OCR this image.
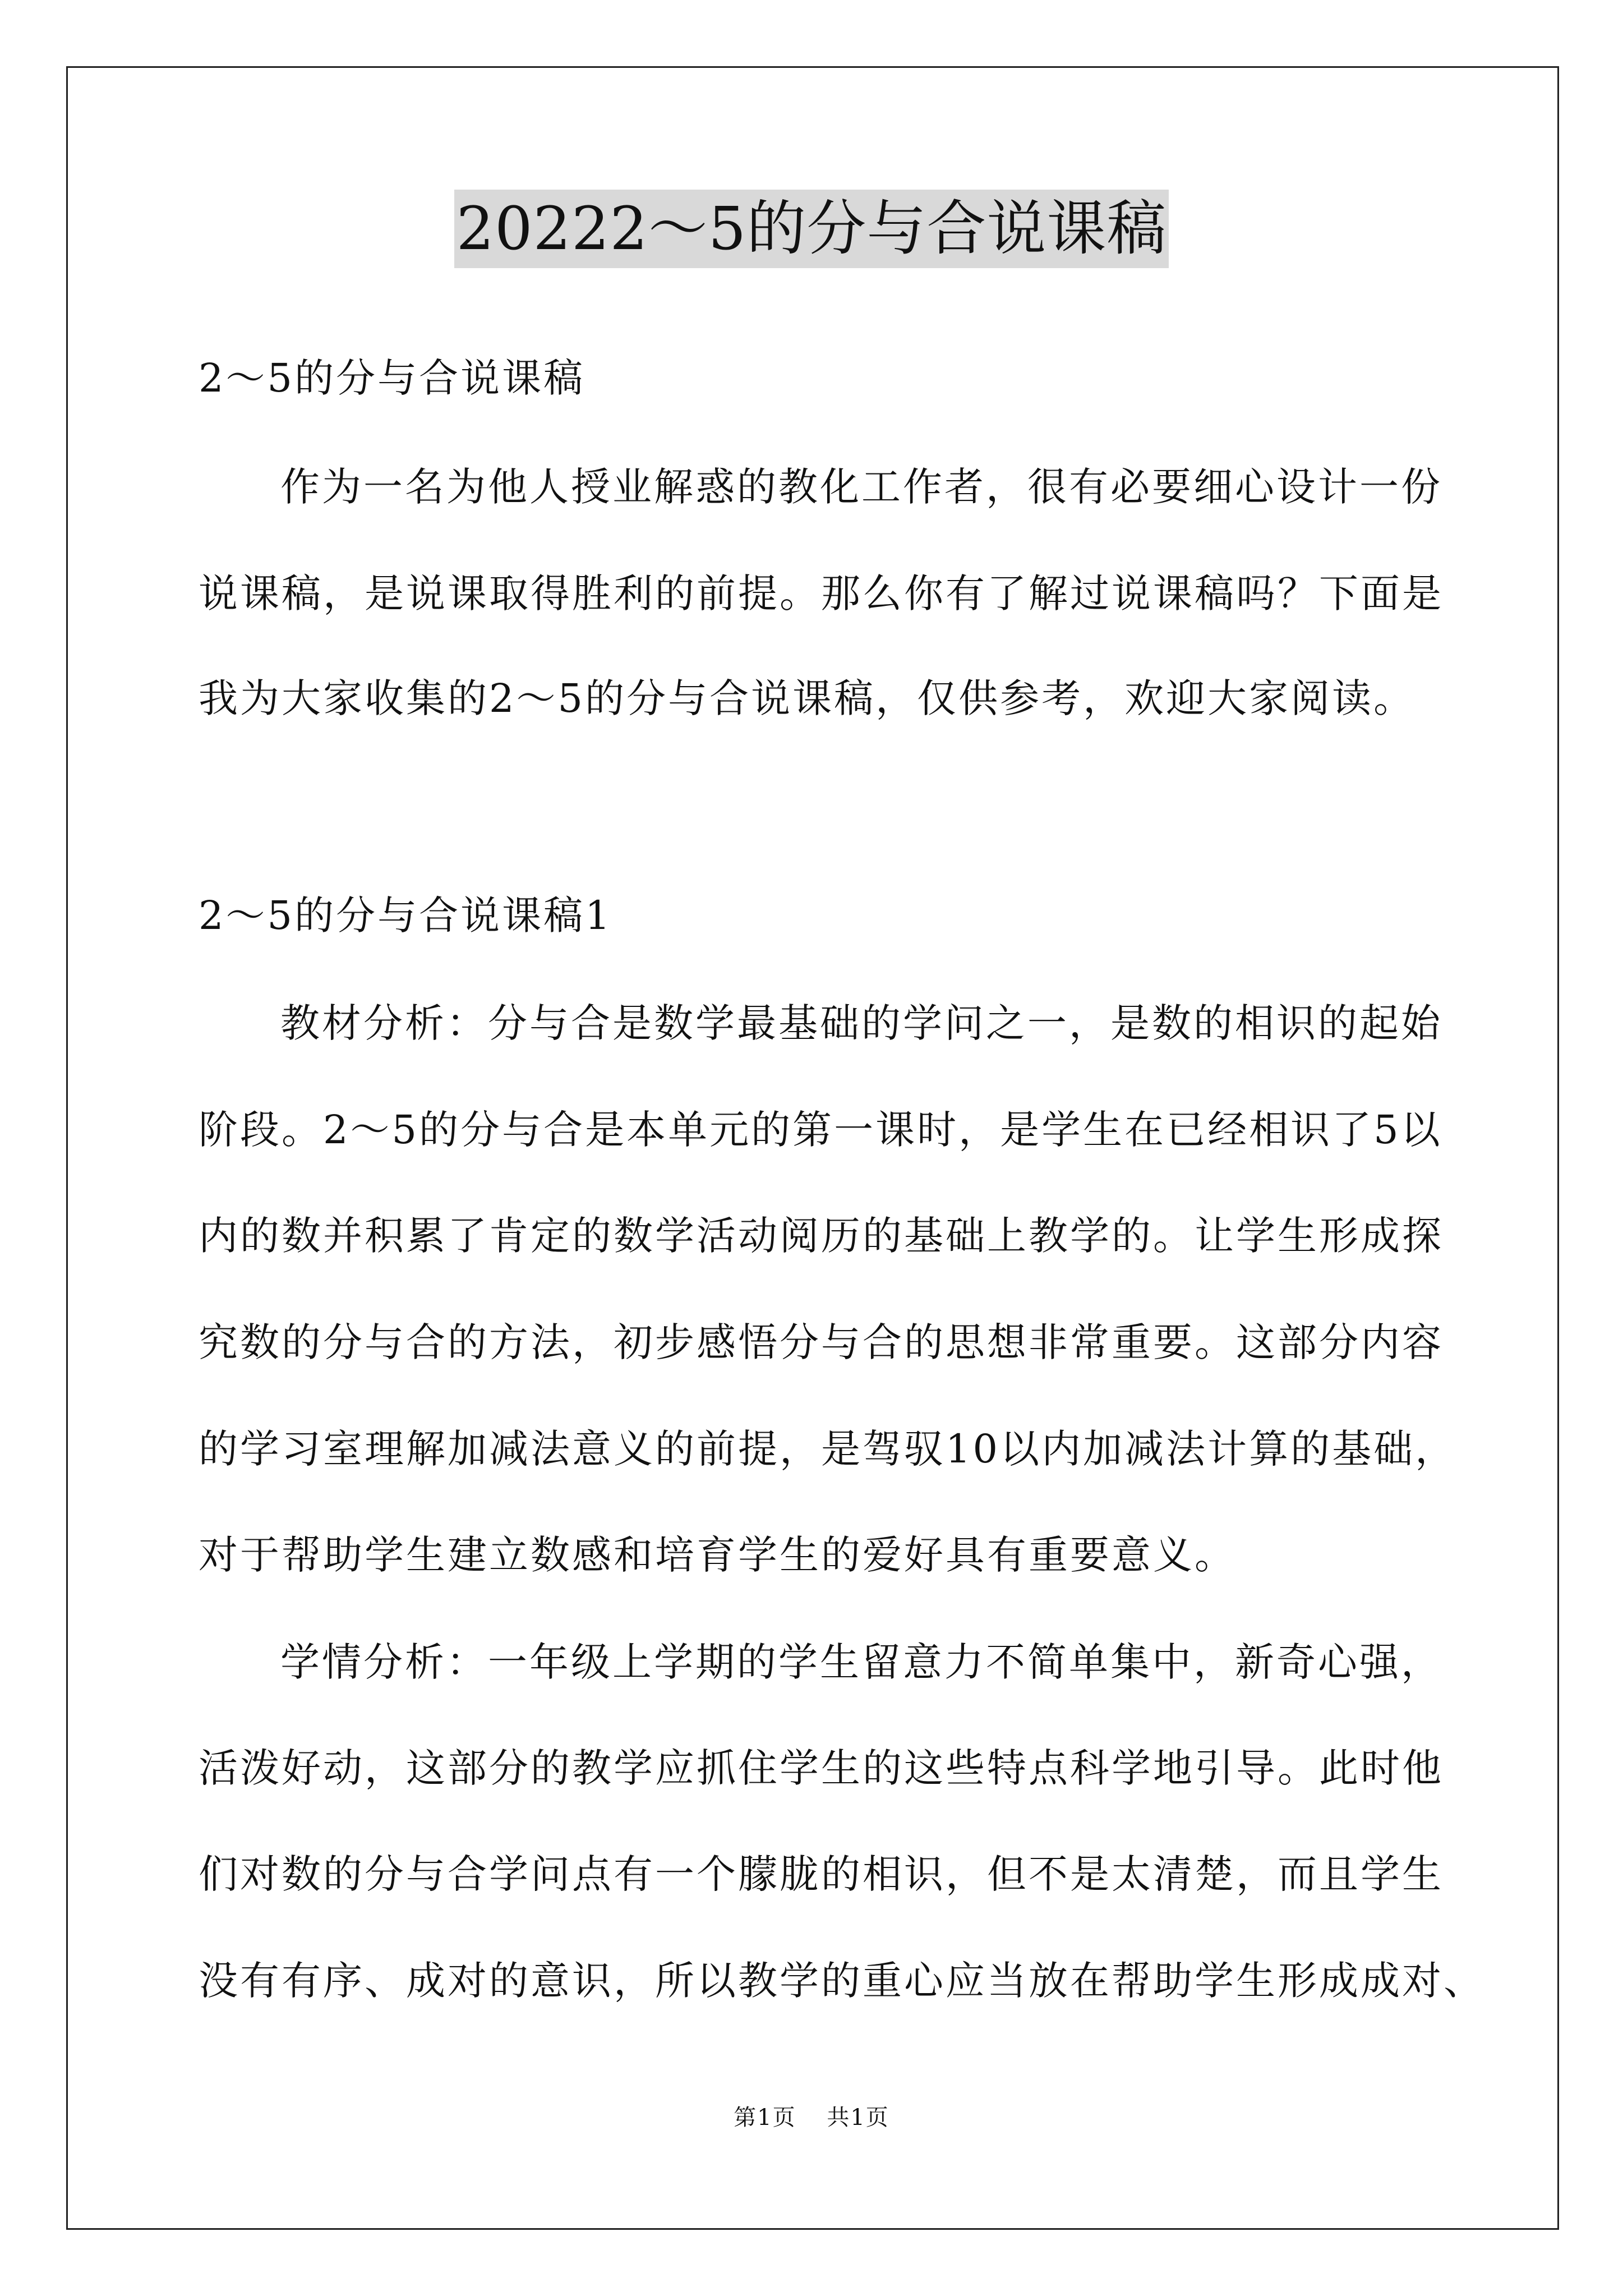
20222～5的分与合说课稿
2～5的分与合说课稿
作为一名为他人授业解惑的教化工作者，很有必要细心设计一份
说课稿，是说课取得胜利的前提。那么你有了解过说课稿吗？下面是
我为大家收集的2～5的分与合说课稿，仅供参考，欢迎大家阅读。
2～5的分与合说课稿1
教材分析：分与合是数学最基础的学问之一，是数的相识的起始
阶段。2～5的分与合是本单元的第一课时，是学生在已经相识了5以
内的数并积累了肯定的数学活动阅历的基础上教学的。让学生形成探
究数的分与合的方法，初步感悟分与合的思想非常重要。这部分内容
的学习室理解加减法意义的前提，是驾驭10以内加减法计算的基础，
对于帮助学生建立数感和培育学生的爱好具有重要意义。
学情分析：一年级上学期的学生留意力不简单集中，新奇心强，
活泼好动，这部分的教学应抓住学生的这些特点科学地引导。此时他
们对数的分与合学问点有一个朦胧的相识，但不是太清楚，而且学生
没有有序、成对的意识，所以教学的重心应当放在帮助学生形成成对、
第1页 共1页
